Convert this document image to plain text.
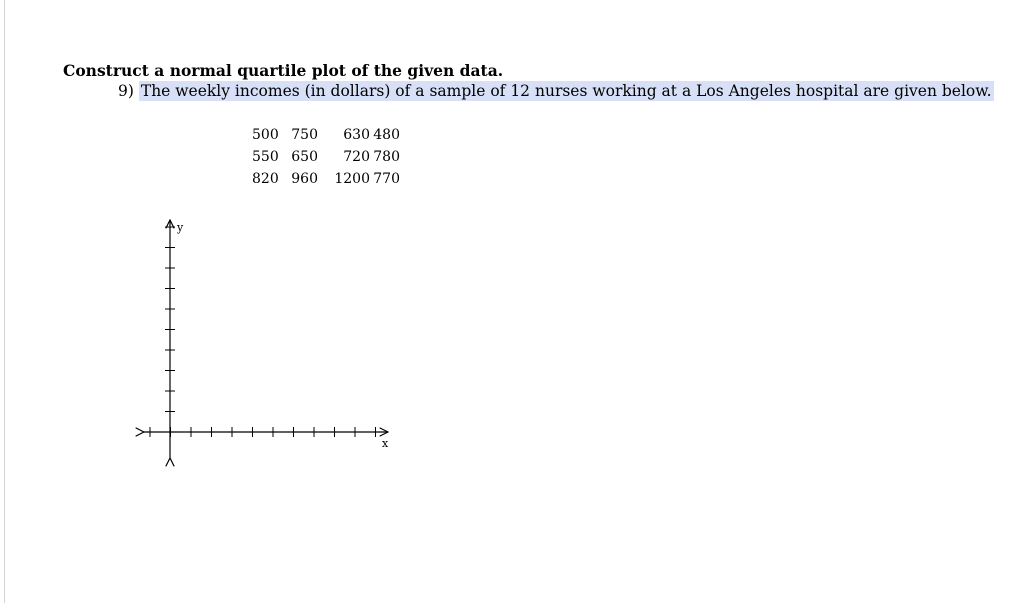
Construct a normal quartile plot of the given data.
9) The weekly incomes (in dollars) of a sample of 12 nurses working at a Los Angeles hospital are given below.
500	750	630	480
550	650	720	780
820	960	1200	770
y
x
